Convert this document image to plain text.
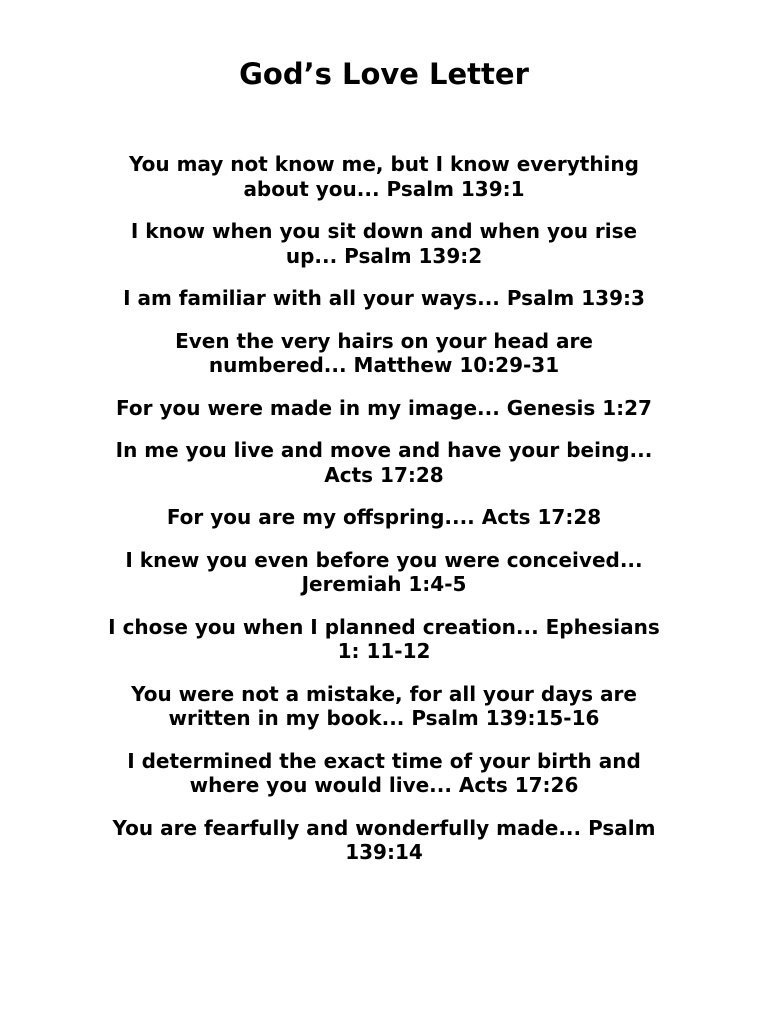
God’s Love Letter
You may not know me, but I know everything about you... Psalm 139:1
I know when you sit down and when you rise up... Psalm 139:2
I am familiar with all your ways... Psalm 139:3
Even the very hairs on your head are numbered... Matthew 10:29-31
For you were made in my image... Genesis 1:27
In me you live and move and have your being... Acts 17:28
For you are my offspring.... Acts 17:28
I knew you even before you were conceived... Jeremiah 1:4-5
I chose you when I planned creation... Ephesians 1: 11-12
You were not a mistake, for all your days are written in my book... Psalm 139:15-16
I determined the exact time of your birth and where you would live... Acts 17:26
You are fearfully and wonderfully made... Psalm 139:14
